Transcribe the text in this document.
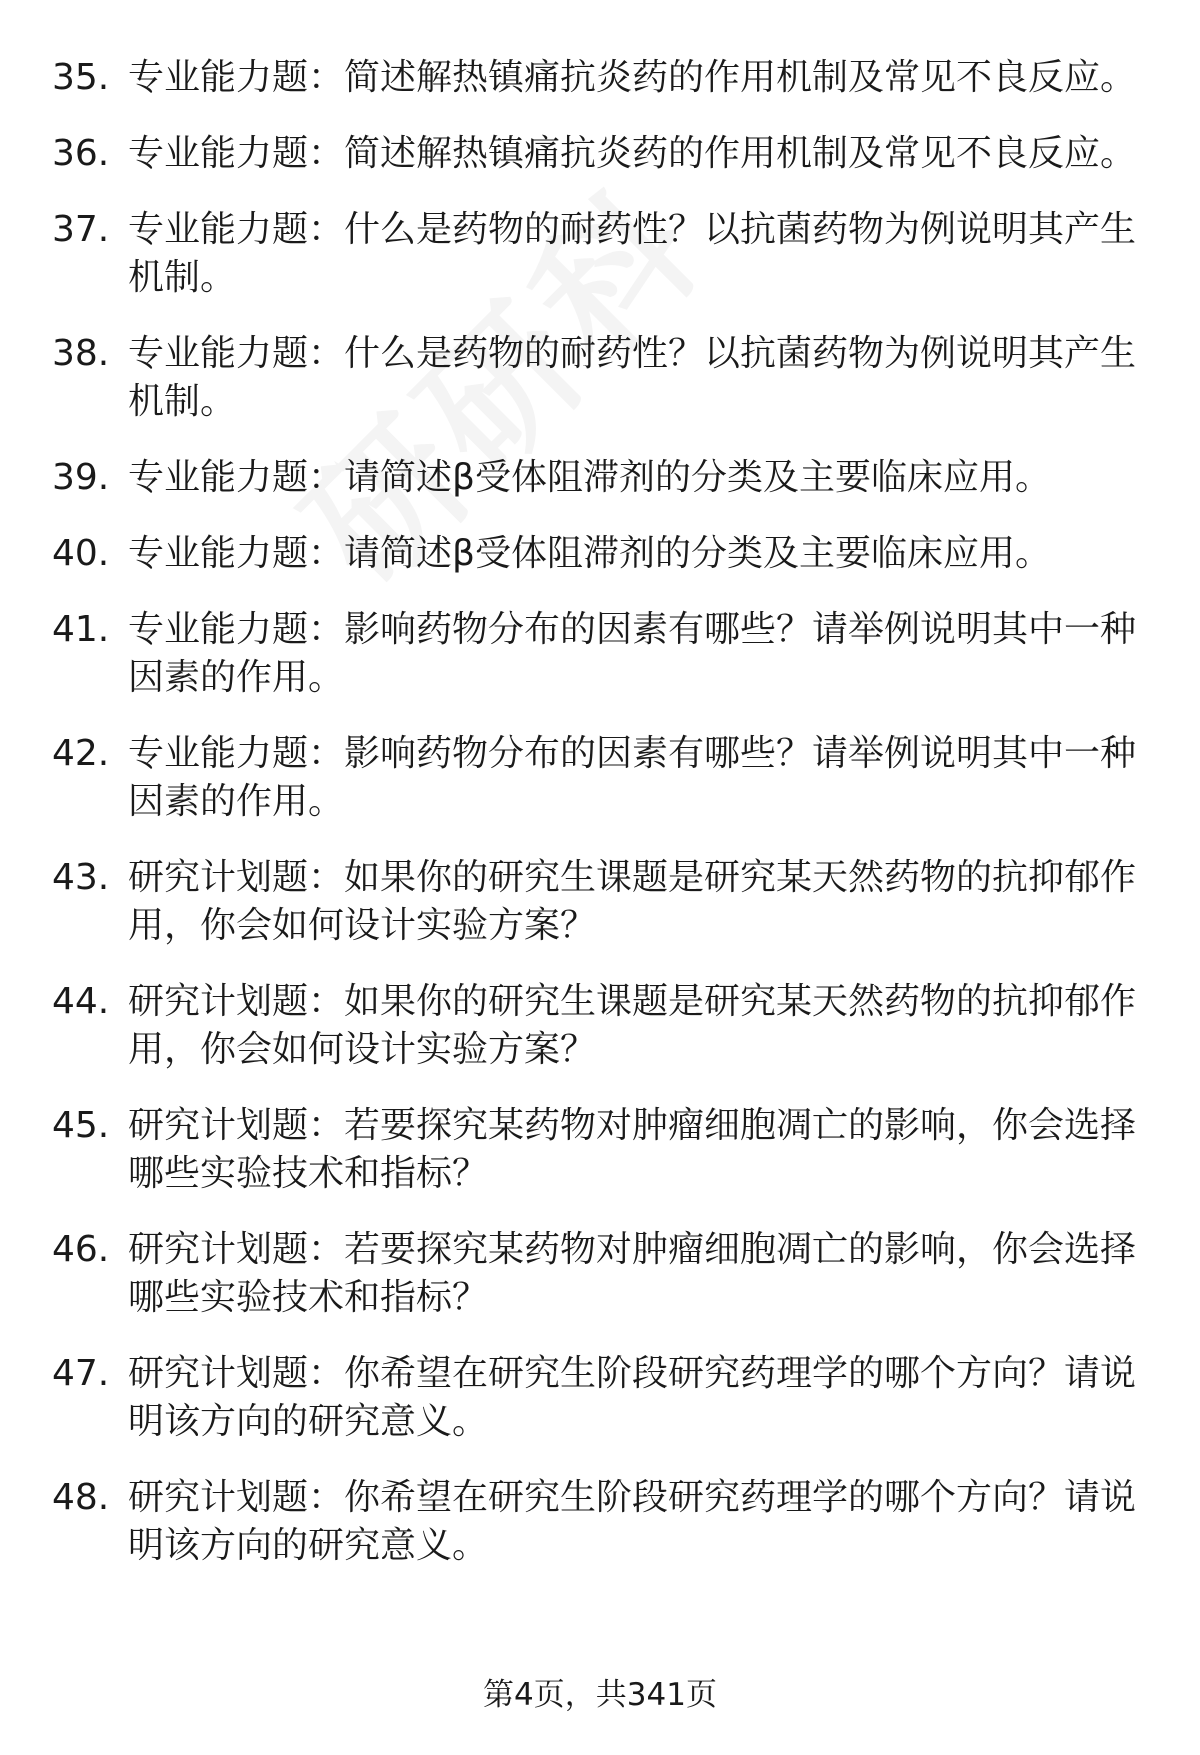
35. 专业能力题：简述解热镇痛抗炎药的作用机制及常见不良反应。
36. 专业能力题：简述解热镇痛抗炎药的作用机制及常见不良反应。
37. 专业能力题：什么是药物的耐药性？以抗菌药物为例说明其产生机制。
38. 专业能力题：什么是药物的耐药性？以抗菌药物为例说明其产生机制。
39. 专业能力题：请简述β受体阻滞剂的分类及主要临床应用。
40. 专业能力题：请简述β受体阻滞剂的分类及主要临床应用。
41. 专业能力题：影响药物分布的因素有哪些？请举例说明其中一种因素的作用。
42. 专业能力题：影响药物分布的因素有哪些？请举例说明其中一种因素的作用。
43. 研究计划题：如果你的研究生课题是研究某天然药物的抗抑郁作用，你会如何设计实验方案？
44. 研究计划题：如果你的研究生课题是研究某天然药物的抗抑郁作用，你会如何设计实验方案？
45. 研究计划题：若要探究某药物对肿瘤细胞凋亡的影响，你会选择哪些实验技术和指标？
46. 研究计划题：若要探究某药物对肿瘤细胞凋亡的影响，你会选择哪些实验技术和指标？
47. 研究计划题：你希望在研究生阶段研究药理学的哪个方向？请说明该方向的研究意义。
48. 研究计划题：你希望在研究生阶段研究药理学的哪个方向？请说明该方向的研究意义。
第4页，共341页
